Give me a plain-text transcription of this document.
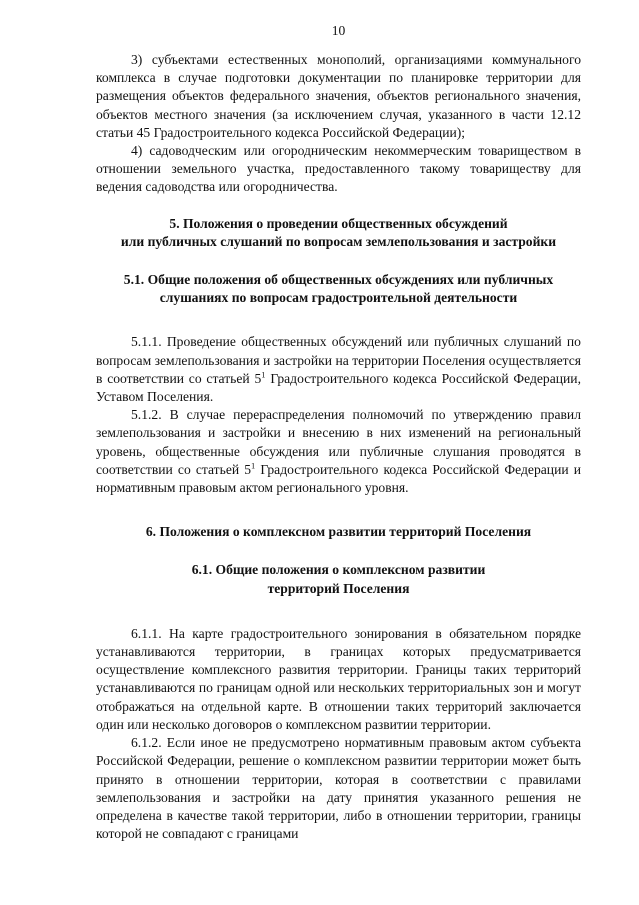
10

3) субъектами естественных монополий, организациями коммунального комплекса в случае подготовки документации по планировке территории для размещения объектов федерального значения, объектов регионального значения, объектов местного значения (за исключением случая, указанного в части 12.12 статьи 45 Градостроительного кодекса Российской Федерации);

4) садоводческим или огородническим некоммерческим товариществом в отношении земельного участка, предоставленного такому товариществу для ведения садоводства или огородничества.

5. Положения о проведении общественных обсуждений
или публичных слушаний по вопросам землепользования и застройки

5.1. Общие положения об общественных обсуждениях или публичных
слушаниях по вопросам градостроительной деятельности

5.1.1. Проведение общественных обсуждений или публичных слушаний по вопросам землепользования и застройки на территории Поселения осуществляется в соответствии со статьей $5^1$ Градостроительного кодекса Российской Федерации, Уставом Поселения.

5.1.2. В случае перераспределения полномочий по утверждению правил землепользования и застройки и внесению в них изменений на региональный уровень, общественные обсуждения или публичные слушания проводятся в соответствии со статьей $5^1$ Градостроительного кодекса Российской Федерации и нормативным правовым актом регионального уровня.

6. Положения о комплексном развитии территорий Поселения

6.1. Общие положения о комплексном развитии
территорий Поселения

6.1.1. На карте градостроительного зонирования в обязательном порядке устанавливаются территории, в границах которых предусматривается осуществление комплексного развития территории. Границы таких территорий устанавливаются по границам одной или нескольких территориальных зон и могут отображаться на отдельной карте. В отношении таких территорий заключается один или несколько договоров о комплексном развитии территории.

6.1.2. Если иное не предусмотрено нормативным правовым актом субъекта Российской Федерации, решение о комплексном развитии территории может быть принято в отношении территории, которая в соответствии с правилами землепользования и застройки на дату принятия указанного решения не определена в качестве такой территории, либо в отношении территории, границы которой не совпадают с границами
